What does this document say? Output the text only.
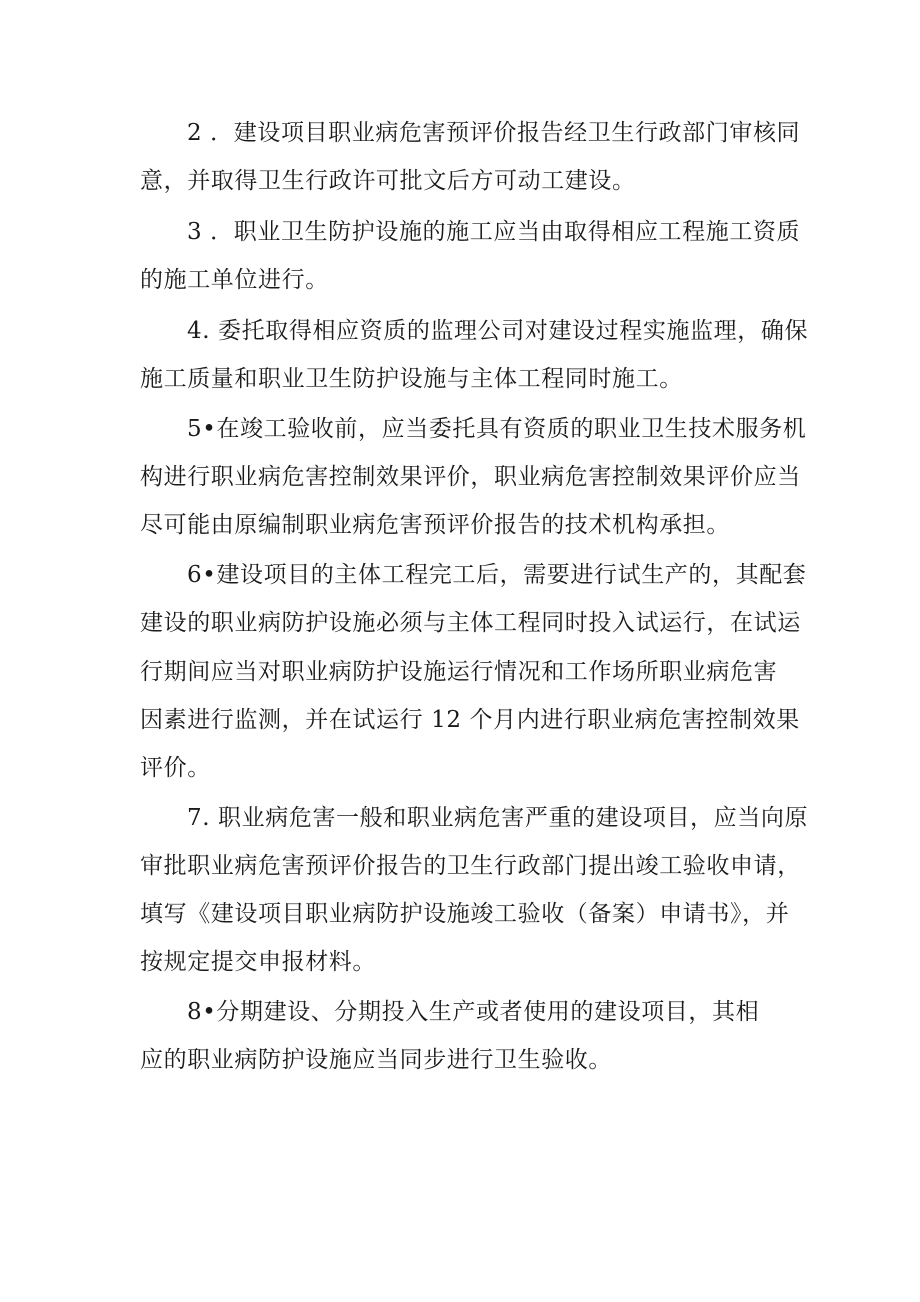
2 ．建设项目职业病危害预评价报告经卫生行政部门审核同
意，并取得卫生行政许可批文后方可动工建设。
3 ．职业卫生防护设施的施工应当由取得相应工程施工资质
的施工单位进行。
4. 委托取得相应资质的监理公司对建设过程实施监理，确保
施工质量和职业卫生防护设施与主体工程同时施工。
5•在竣工验收前，应当委托具有资质的职业卫生技术服务机
构进行职业病危害控制效果评价，职业病危害控制效果评价应当
尽可能由原编制职业病危害预评价报告的技术机构承担。
6•建设项目的主体工程完工后，需要进行试生产的，其配套
建设的职业病防护设施必须与主体工程同时投入试运行，在试运
行期间应当对职业病防护设施运行情况和工作场所职业病危害
因素进行监测，并在试运行 12 个月内进行职业病危害控制效果
评价。
7. 职业病危害一般和职业病危害严重的建设项目，应当向原
审批职业病危害预评价报告的卫生行政部门提出竣工验收申请，
填写《建设项目职业病防护设施竣工验收（备案）申请书》，并
按规定提交申报材料。
8•分期建设、分期投入生产或者使用的建设项目，其相
应的职业病防护设施应当同步进行卫生验收。
